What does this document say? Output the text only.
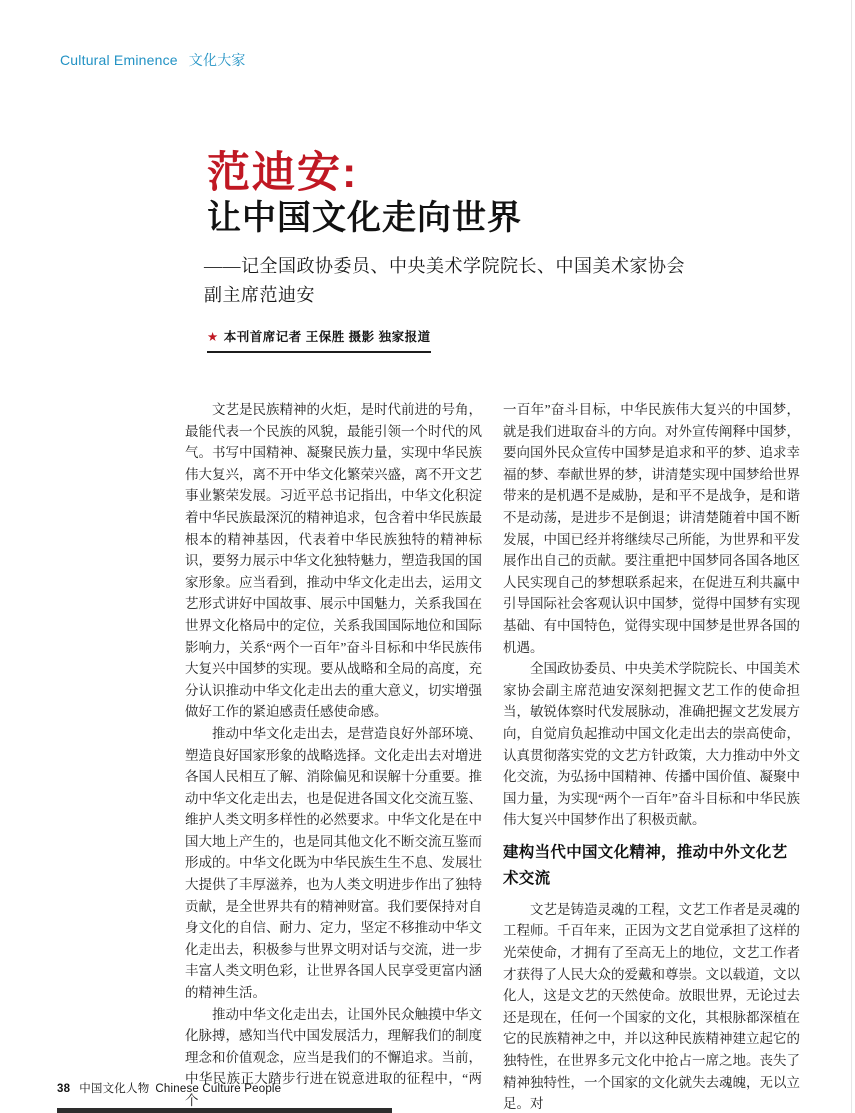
Cultural Eminence 文化大家
范迪安:
让中国文化走向世界
——记全国政协委员、中央美术学院院长、中国美术家协会
副主席范迪安
★ 本刊首席记者 王保胜 摄影 独家报道

文艺是民族精神的火炬，是时代前进的号角，最能代表一个民族的风貌，最能引领一个时代的风气。书写中国精神、凝聚民族力量，实现中华民族伟大复兴，离不开中华文化繁荣兴盛，离不开文艺事业繁荣发展。习近平总书记指出，中华文化积淀着中华民族最深沉的精神追求，包含着中华民族最根本的精神基因，代表着中华民族独特的精神标识，要努力展示中华文化独特魅力，塑造我国的国家形象。应当看到，推动中华文化走出去，运用文艺形式讲好中国故事、展示中国魅力，关系我国在世界文化格局中的定位，关系我国国际地位和国际影响力，关系“两个一百年”奋斗目标和中华民族伟大复兴中国梦的实现。要从战略和全局的高度，充分认识推动中华文化走出去的重大意义，切实增强做好工作的紧迫感责任感使命感。

推动中华文化走出去，是营造良好外部环境、塑造良好国家形象的战略选择。文化走出去对增进各国人民相互了解、消除偏见和误解十分重要。推动中华文化走出去，也是促进各国文化交流互鉴、维护人类文明多样性的必然要求。中华文化是在中国大地上产生的，也是同其他文化不断交流互鉴而形成的。中华文化既为中华民族生生不息、发展壮大提供了丰厚滋养，也为人类文明进步作出了独特贡献，是全世界共有的精神财富。我们要保持对自身文化的自信、耐力、定力，坚定不移推动中华文化走出去，积极参与世界文明对话与交流，进一步丰富人类文明色彩，让世界各国人民享受更富内涵的精神生活。

推动中华文化走出去，让国外民众触摸中华文化脉搏，感知当代中国发展活力，理解我们的制度理念和价值观念，应当是我们的不懈追求。当前，中华民族正大踏步行进在锐意进取的征程中，“两个

一百年”奋斗目标，中华民族伟大复兴的中国梦，就是我们进取奋斗的方向。对外宣传阐释中国梦，要向国外民众宣传中国梦是追求和平的梦、追求幸福的梦、奉献世界的梦，讲清楚实现中国梦给世界带来的是机遇不是威胁，是和平不是战争，是和谐不是动荡，是进步不是倒退；讲清楚随着中国不断发展，中国已经并将继续尽己所能，为世界和平发展作出自己的贡献。要注重把中国梦同各国各地区人民实现自己的梦想联系起来，在促进互利共赢中引导国际社会客观认识中国梦，觉得中国梦有实现基础、有中国特色，觉得实现中国梦是世界各国的机遇。

全国政协委员、中央美术学院院长、中国美术家协会副主席范迪安深刻把握文艺工作的使命担当，敏锐体察时代发展脉动，准确把握文艺发展方向，自觉肩负起推动中国文化走出去的崇高使命，认真贯彻落实党的文艺方针政策，大力推动中外文化交流，为弘扬中国精神、传播中国价值、凝聚中国力量，为实现“两个一百年”奋斗目标和中华民族伟大复兴中国梦作出了积极贡献。

建构当代中国文化精神，推动中外文化艺术交流

文艺是铸造灵魂的工程，文艺工作者是灵魂的工程师。千百年来，正因为文艺自觉承担了这样的光荣使命，才拥有了至高无上的地位，文艺工作者才获得了人民大众的爱戴和尊崇。文以载道，文以化人，这是文艺的天然使命。放眼世界，无论过去还是现在，任何一个国家的文化，其根脉都深植在它的民族精神之中，并以这种民族精神建立起它的独特性，在世界多元文化中抢占一席之地。丧失了精神独特性，一个国家的文化就失去魂魄，无以立足。对

38 中国文化人物 Chinese Culture People
